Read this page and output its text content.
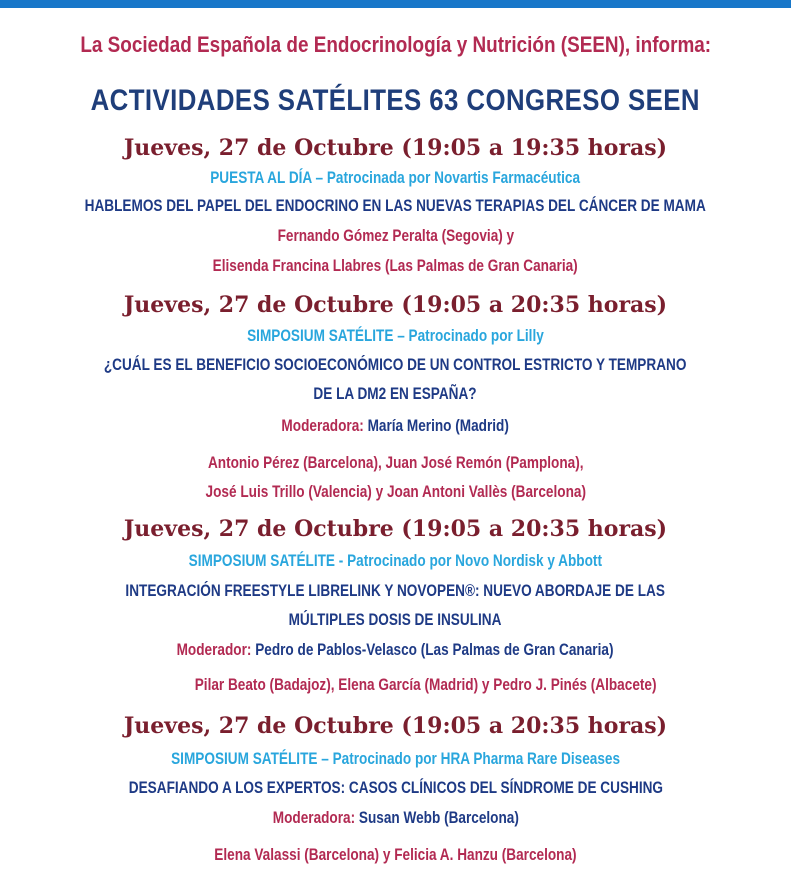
La Sociedad Española de Endocrinología y Nutrición (SEEN), informa:
ACTIVIDADES SATÉLITES 63 CONGRESO SEEN
Jueves, 27 de Octubre (19:05 a 19:35 horas)
PUESTA AL DÍA – Patrocinada por Novartis Farmacéutica
HABLEMOS DEL PAPEL DEL ENDOCRINO EN LAS NUEVAS TERAPIAS DEL CÁNCER DE MAMA
Fernando Gómez Peralta (Segovia) y
Elisenda Francina Llabres (Las Palmas de Gran Canaria)
Jueves, 27 de Octubre (19:05 a 20:35 horas)
SIMPOSIUM SATÉLITE – Patrocinado por Lilly
¿CUÁL ES EL BENEFICIO SOCIOECONÓMICO DE UN CONTROL ESTRICTO Y TEMPRANO
DE LA DM2 EN ESPAÑA?
Moderadora: María Merino (Madrid)
Antonio Pérez (Barcelona), Juan José Remón (Pamplona),
José Luis Trillo (Valencia) y Joan Antoni Vallès (Barcelona)
Jueves, 27 de Octubre (19:05 a 20:35 horas)
SIMPOSIUM SATÉLITE - Patrocinado por Novo Nordisk y Abbott
INTEGRACIÓN FREESTYLE LIBRELINK Y NOVOPEN®: NUEVO ABORDAJE DE LAS
MÚLTIPLES DOSIS DE INSULINA
Moderador: Pedro de Pablos-Velasco (Las Palmas de Gran Canaria)
Pilar Beato (Badajoz), Elena García (Madrid) y Pedro J. Pinés (Albacete)
Jueves, 27 de Octubre (19:05 a 20:35 horas)
SIMPOSIUM SATÉLITE – Patrocinado por HRA Pharma Rare Diseases
DESAFIANDO A LOS EXPERTOS: CASOS CLÍNICOS DEL SÍNDROME DE CUSHING
Moderadora: Susan Webb (Barcelona)
Elena Valassi (Barcelona) y Felicia A. Hanzu (Barcelona)
